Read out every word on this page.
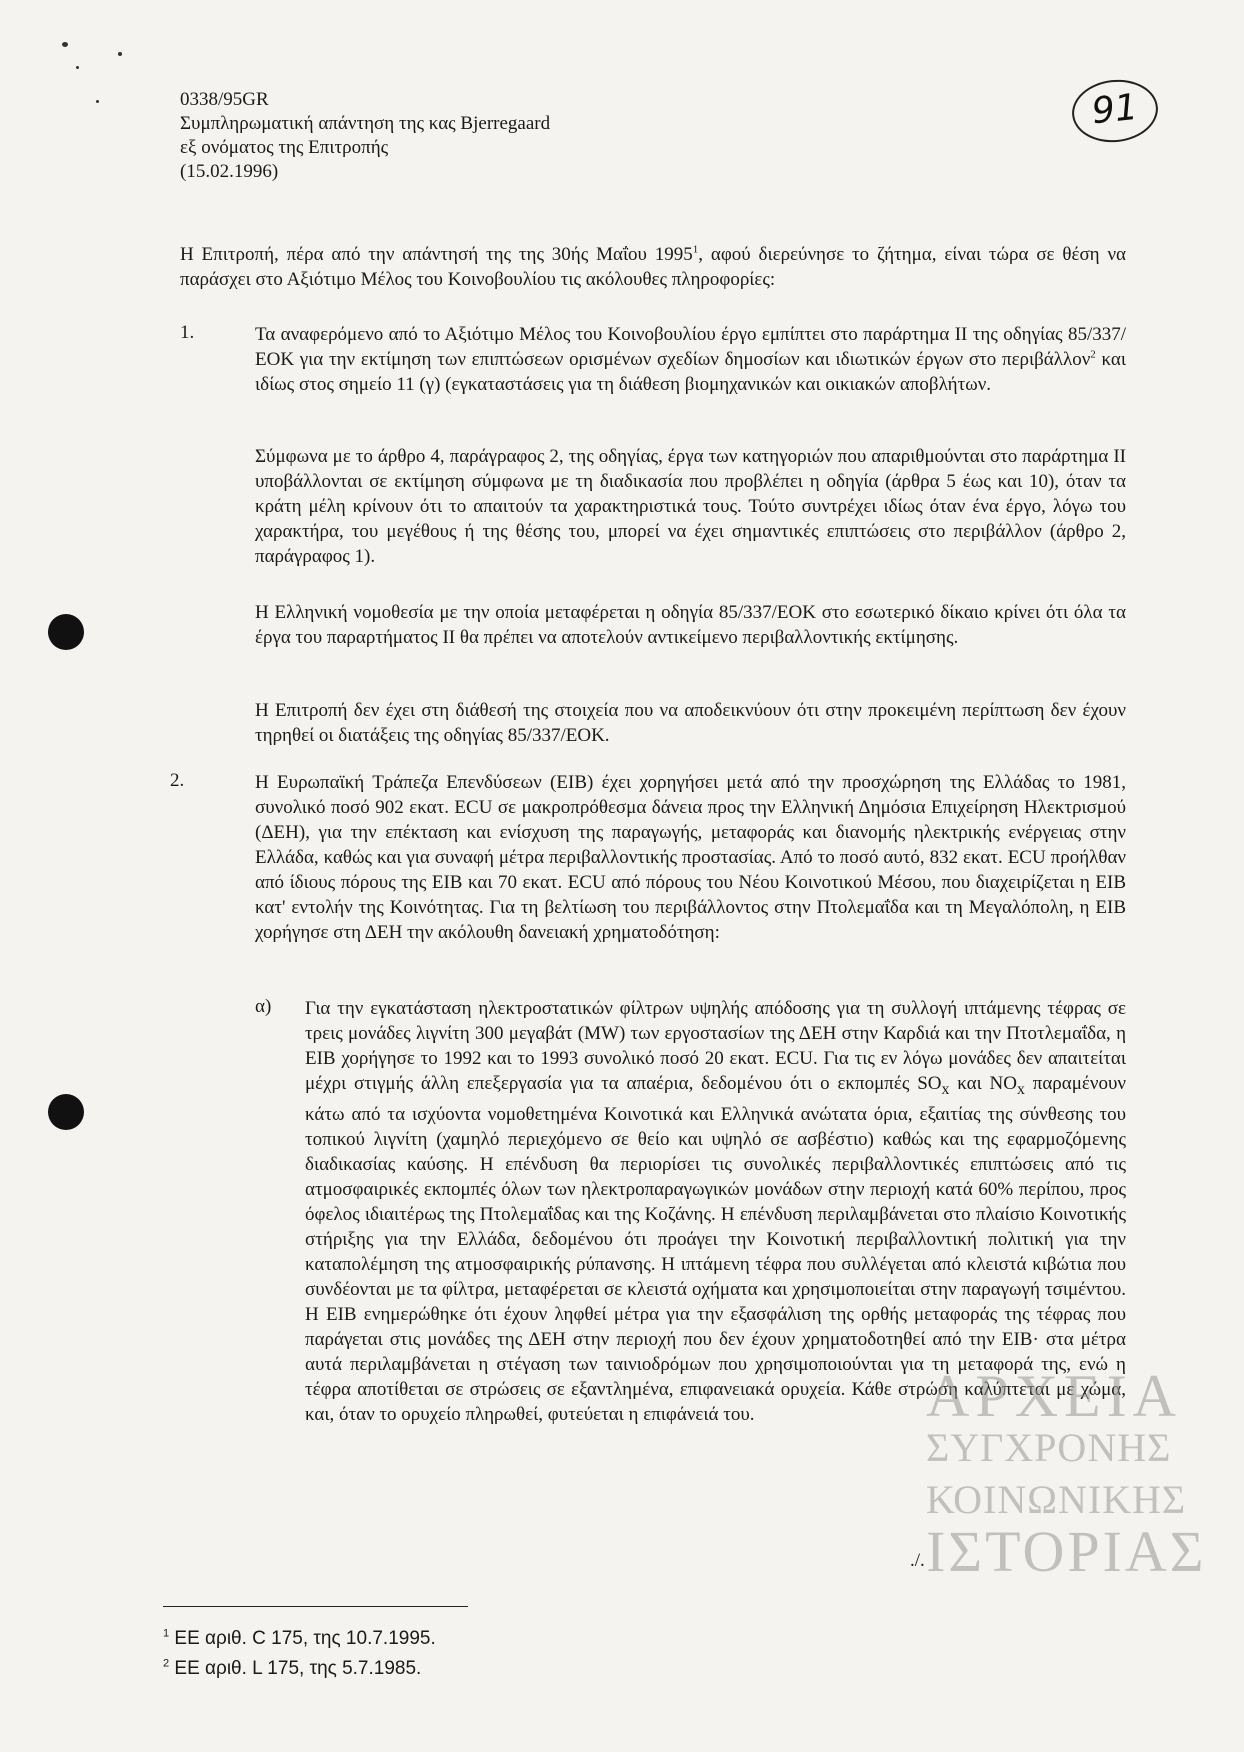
0338/95GR
Συμπληρωματική απάντηση της κας Bjerregaard
εξ ονόματος της Επιτροπής
(15.02.1996)
91

Η Επιτροπή, πέρα από την απάντησή της της 30ής Μαΐου 1995$^1$, αφού διερεύνησε το ζήτημα, είναι τώρα σε θέση να παράσχει στο Αξιότιμο Μέλος του Κοινοβουλίου τις ακόλουθες πληροφορίες:

1.	Τα αναφερόμενο από το Αξιότιμο Μέλος του Κοινοβουλίου έργο εμπίπτει στο παράρτημα ΙΙ της οδηγίας 85/337/ΕΟΚ για την εκτίμηση των επιπτώσεων ορισμένων σχεδίων δημοσίων και ιδιωτικών έργων στο περιβάλλον$^2$ και ιδίως στος σημείο 11 (γ) (εγκαταστάσεις για τη διάθεση βιομηχανικών και οικιακών αποβλήτων.

Σύμφωνα με το άρθρο 4, παράγραφος 2, της οδηγίας, έργα των κατηγοριών που απαριθμούνται στο παράρτημα ΙΙ υποβάλλονται σε εκτίμηση σύμφωνα με τη διαδικασία που προβλέπει η οδηγία (άρθρα 5 έως και 10), όταν τα κράτη μέλη κρίνουν ότι το απαιτούν τα χαρακτηριστικά τους. Τούτο συντρέχει ιδίως όταν ένα έργο, λόγω του χαρακτήρα, του μεγέθους ή της θέσης του, μπορεί να έχει σημαντικές επιπτώσεις στο περιβάλλον (άρθρο 2, παράγραφος 1).

Η Ελληνική νομοθεσία με την οποία μεταφέρεται η οδηγία 85/337/ΕΟΚ στο εσωτερικό δίκαιο κρίνει ότι όλα τα έργα του παραρτήματος ΙΙ θα πρέπει να αποτελούν αντικείμενο περιβαλλοντικής εκτίμησης.

Η Επιτροπή δεν έχει στη διάθεσή της στοιχεία που να αποδεικνύουν ότι στην προκειμένη περίπτωση δεν έχουν τηρηθεί οι διατάξεις της οδηγίας 85/337/ΕΟΚ.

2.	Η Ευρωπαϊκή Τράπεζα Επενδύσεων (ΕΙΒ) έχει χορηγήσει μετά από την προσχώρηση της Ελλάδας το 1981, συνολικό ποσό 902 εκατ. ECU σε μακροπρόθεσμα δάνεια προς την Ελληνική Δημόσια Επιχείρηση Ηλεκτρισμού (ΔΕΗ), για την επέκταση και ενίσχυση της παραγωγής, μεταφοράς και διανομής ηλεκτρικής ενέργειας στην Ελλάδα, καθώς και για συναφή μέτρα περιβαλλοντικής προστασίας. Από το ποσό αυτό, 832 εκατ. ECU προήλθαν από ίδιους πόρους της ΕΙΒ και 70 εκατ. ECU από πόρους του Νέου Κοινοτικού Μέσου, που διαχειρίζεται η ΕΙΒ κατ' εντολήν της Κοινότητας. Για τη βελτίωση του περιβάλλοντος στην Πτολεμαΐδα και τη Μεγαλόπολη, η ΕΙΒ χορήγησε στη ΔΕΗ την ακόλουθη δανειακή χρηματοδότηση:

α) Για την εγκατάσταση ηλεκτροστατικών φίλτρων υψηλής απόδοσης για τη συλλογή ιπτάμενης τέφρας σε τρεις μονάδες λιγνίτη 300 μεγαβάτ (MW) των εργοστασίων της ΔΕΗ στην Καρδιά και την Πτοτλεμαΐδα, η ΕΙΒ χορήγησε το 1992 και το 1993 συνολικό ποσό 20 εκατ. ECU. Για τις εν λόγω μονάδες δεν απαιτείται μέχρι στιγμής άλλη επεξεργασία για τα απαέρια, δεδομένου ότι ο εκπομπές $SO_x$ και $NO_x$ παραμένουν κάτω από τα ισχύοντα νομοθετημένα Κοινοτικά και Ελληνικά ανώτατα όρια, εξαιτίας της σύνθεσης του τοπικού λιγνίτη (χαμηλό περιεχόμενο σε θείο και υψηλό σε ασβέστιο) καθώς και της εφαρμοζόμενης διαδικασίας καύσης. Η επένδυση θα περιορίσει τις συνολικές περιβαλλοντικές επιπτώσεις από τις ατμοσφαιρικές εκπομπές όλων των ηλεκτροπαραγωγικών μονάδων στην περιοχή κατά 60% περίπου, προς όφελος ιδιαιτέρως της Πτολεμαΐδας και της Κοζάνης. Η επένδυση περιλαμβάνεται στο πλαίσιο Κοινοτικής στήριξης για την Ελλάδα, δεδομένου ότι προάγει την Κοινοτική περιβαλλοντική πολιτική για την καταπολέμηση της ατμοσφαιρικής ρύπανσης. Η ιπτάμενη τέφρα που συλλέγεται από κλειστά κιβώτια που συνδέονται με τα φίλτρα, μεταφέρεται σε κλειστά οχήματα και χρησιμοποιείται στην παραγωγή τσιμέντου. Η ΕΙΒ ενημερώθηκε ότι έχουν ληφθεί μέτρα για την εξασφάλιση της ορθής μεταφοράς της τέφρας που παράγεται στις μονάδες της ΔΕΗ στην περιοχή που δεν έχουν χρηματοδοτηθεί από την ΕΙΒ· στα μέτρα αυτά περιλαμβάνεται η στέγαση των ταινιοδρόμων που χρησιμοποιούνται για τη μεταφορά της, ενώ η τέφρα αποτίθεται σε στρώσεις σε εξαντλημένα, επιφανειακά ορυχεία. Κάθε στρώση καλύπτεται με χώμα, και, όταν το ορυχείο πληρωθεί, φυτεύεται η επιφάνειά του.

./.
$^1$ ΕΕ αριθ. C 175, της 10.7.1995.
$^2$ ΕΕ αριθ. L 175, της 5.7.1985.
ΑΡΧΕΙΑ
ΣΥΓΧΡΟΝΗΣ
ΚΟΙΝΩΝΙΚΗΣ
ΙΣΤΟΡΙΑΣ
